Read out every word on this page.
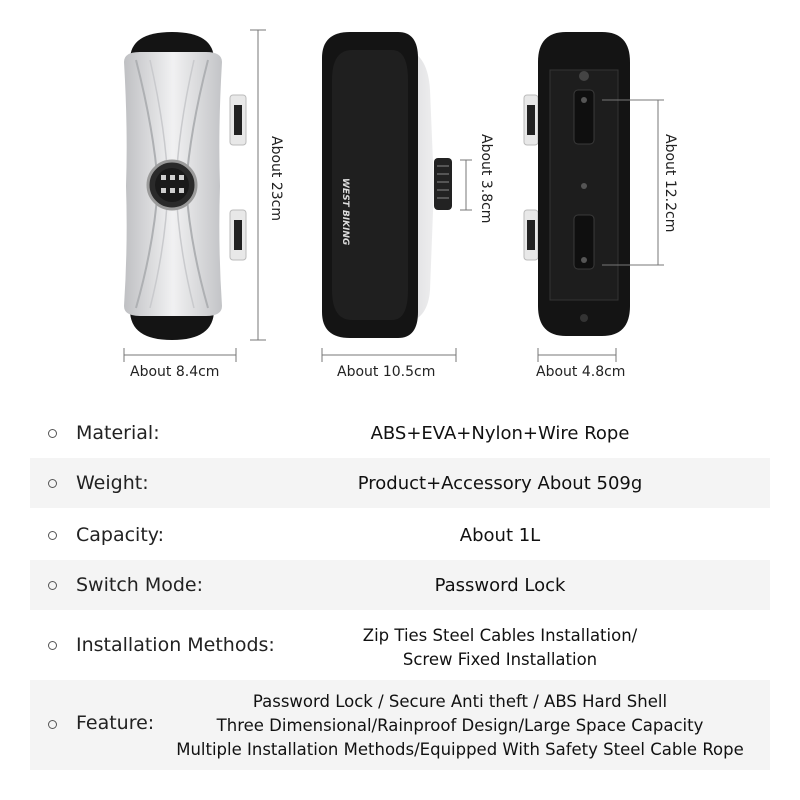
About 23cm
About 8.4cm
WEST BIKING	About 3.8cm
About 10.5cm
About 12.2cm
About 4.8cm
Material:	ABS+EVA+Nylon+Wire Rope
Weight:	Product+Accessory About 509g
Capacity:	About 1L
Switch Mode:	Password Lock
Installation Methods:	Zip Ties Steel Cables Installation/
Screw Fixed Installation
Feature:
Password Lock / Secure Anti theft / ABS Hard Shell
Three Dimensional/Rainproof Design/Large Space Capacity
Multiple Installation Methods/Equipped With Safety Steel Cable Rope
